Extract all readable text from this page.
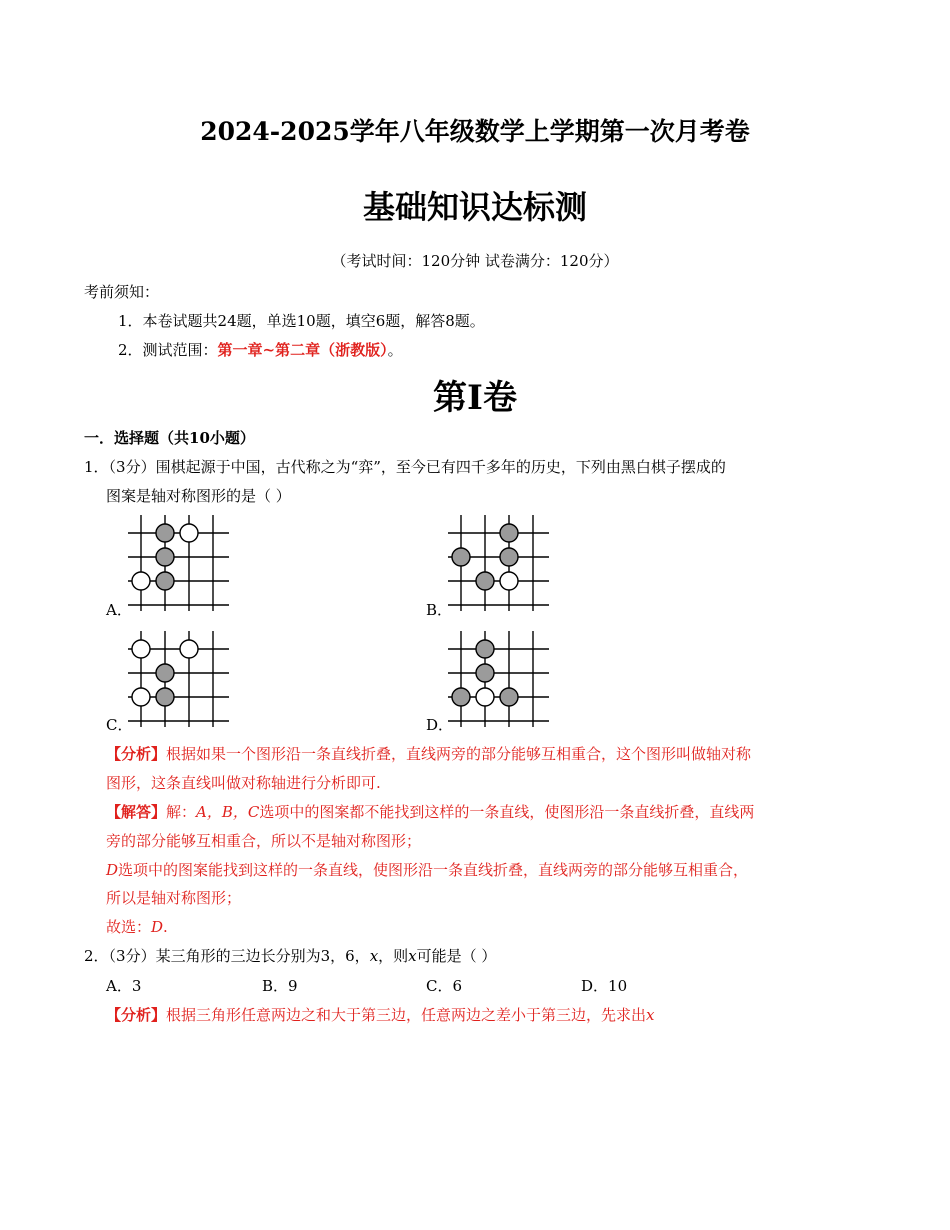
2024-2025学年八年级数学上学期第一次月考卷
基础知识达标测
（考试时间：120分钟 试卷满分：120分）
考前须知：
1．本卷试题共24题，单选10题，填空6题，解答8题。
2．测试范围：第一章~第二章（浙教版）。
第Ⅰ卷
一．选择题（共10小题）
1．（3分）围棋起源于中国，古代称之为“弈”，至今已有四千多年的历史，下列由黑白棋子摆成的
图案是轴对称图形的是（ ）
A．	B．
C．	D．
【分析】根据如果一个图形沿一条直线折叠，直线两旁的部分能够互相重合，这个图形叫做轴对称
图形，这条直线叫做对称轴进行分析即可.
【解答】解：A，B，C选项中的图案都不能找到这样的一条直线，使图形沿一条直线折叠，直线两
旁的部分能够互相重合，所以不是轴对称图形；
D选项中的图案能找到这样的一条直线，使图形沿一条直线折叠，直线两旁的部分能够互相重合，
所以是轴对称图形；
故选：D.
2．（3分）某三角形的三边长分别为3，6，x，则x可能是（ ）
A．3	B．9	C．6	D．10
【分析】根据三角形任意两边之和大于第三边，任意两边之差小于第三边，先求出x
